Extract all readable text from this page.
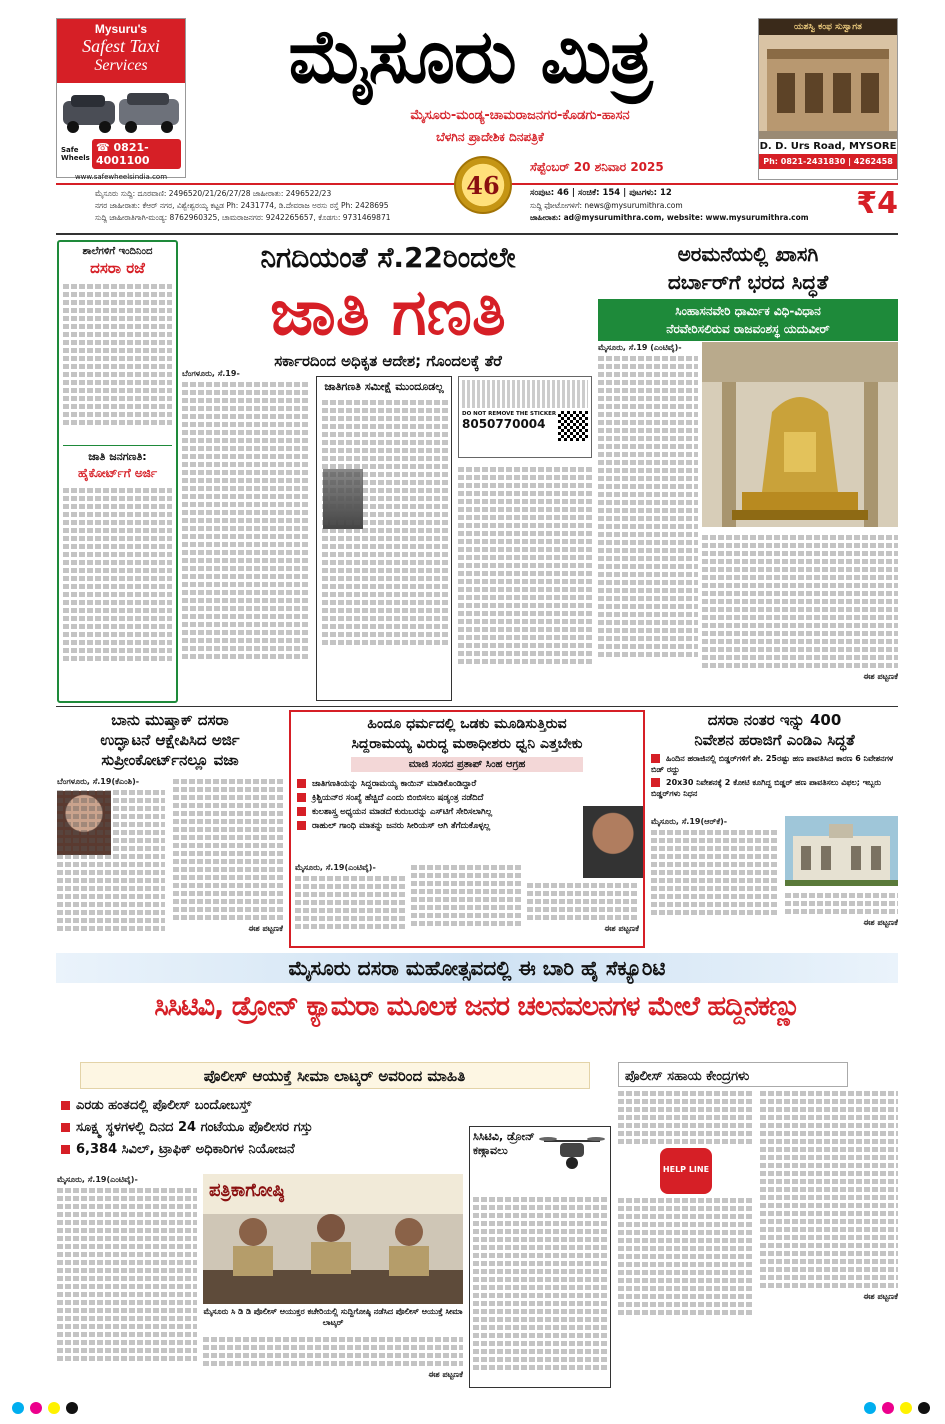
Mysuru's
Safest Taxi
Services
Safe Wheels
☎ 0821-4001100
www.safewheelsindia.com
ಮೈಸೂರು ಮಿತ್ರ
ಮೈಸೂರು-ಮಂಡ್ಯ-ಚಾಮರಾಜನಗರ-ಕೊಡಗು-ಹಾಸನ
ಬೆಳಗಿನ ಪ್ರಾದೇಶಿಕ ದಿನಪತ್ರಿಕೆ
ಯಶಸ್ವಿ ಕಂಫ ಸುಸ್ವಾಗತ
D. D. Urs Road, MYSORE
Ph: 0821-2431830 | 4262458
ಮೈಸೂರು ಸುದ್ದಿ: ದೂರವಾಣಿ: 2496520/21/26/27/28 ಜಾಹೀರಾತು: 2496522/23
ನಗರ ಜಾಹೀರಾತು: ಕೆಆರ್ ನಗರ, ವಿಶ್ವೇಶ್ವರಯ್ಯ ಕಟ್ಟಡ Ph: 2431774, ಡಿ.ದೇವರಾಜ ಅರಸು ರಸ್ತೆ Ph: 2428695
ಸುದ್ದಿ ಜಾಹೀರಾತಿಗಾಗಿ-ಮಂಡ್ಯ: 8762960325, ಚಾಮರಾಜನಗರ: 9242265657, ಕೊಡಗು: 9731469871
46
ಸೆಪ್ಟೆಂಬರ್ 20 ಶನಿವಾರ 2025
ಸಂಪುಟ: 46 | ಸಂಚಿಕೆ: 154 | ಪುಟಗಳು: 12
ಸುದ್ದಿ ಫೋಟೋಗಳಿಗೆ: news@mysurumithra.com
ಜಾಹೀರಾತು: ad@mysurumithra.com, website: www.mysurumithra.com	₹4
ಶಾಲೆಗಳಿಗೆ ಇಂದಿನಿಂದ
ದಸರಾ ರಜೆ
ಜಾತಿ ಜನಗಣತಿ:
ಹೈಕೋರ್ಟ್‌ಗೆ ಅರ್ಜಿ
ನಿಗದಿಯಂತೆ ಸೆ.22ರಿಂದಲೇ
ಜಾತಿ ಗಣತಿ
ಸರ್ಕಾರದಿಂದ ಅಧಿಕೃತ ಆದೇಶ; ಗೊಂದಲಕ್ಕೆ ತೆರೆ
ಬೆಂಗಳೂರು, ಸೆ.19-
ಜಾತಿಗಣತಿ ಸಮೀಕ್ಷೆ ಮುಂದೂಡಲ್ಲ
DO NOT REMOVE THE STICKER
8050770004
ಅರಮನೆಯಲ್ಲಿ ಖಾಸಗಿ
ದರ್ಬಾರ್‌ಗೆ ಭರದ ಸಿದ್ಧತೆ
ಸಿಂಹಾಸನವೇರಿ ಧಾರ್ಮಿಕ ವಿಧಿ-ವಿಧಾನ
ನೆರವೇರಿಸಲಿರುವ ರಾಜವಂಶಸ್ಥ ಯದುವೀರ್
ಮೈಸೂರು, ಸೆ.19 (ಎಂಟಿವೈ)-
ಈಶ ಪಟ್ಟಣಕೆ
ಬಾನು ಮುಷ್ತಾಕ್ ದಸರಾ
ಉದ್ಘಾಟನೆ ಆಕ್ಷೇಪಿಸಿದ ಅರ್ಜಿ
ಸುಪ್ರೀಂಕೋರ್ಟ್‌ನಲ್ಲೂ ವಜಾ
ಬೆಂಗಳೂರು, ಸೆ.19(ಕೆಎಂಶಿ)-
ಈಶ ಪಟ್ಟಣಕೆ
ಹಿಂದೂ ಧರ್ಮದಲ್ಲಿ ಒಡಕು ಮೂಡಿಸುತ್ತಿರುವ
ಸಿದ್ದರಾಮಯ್ಯ ವಿರುದ್ಧ ಮಠಾಧೀಶರು ಧ್ವನಿ ಎತ್ತಬೇಕು
ಮಾಜಿ ಸಂಸದ ಪ್ರತಾಪ್ ಸಿಂಹ ಆಗ್ರಹ
ಜಾತಿಗಣತಿಯನ್ನು ಸಿದ್ದರಾಮಯ್ಯ ಕಾಯಿನ್ ಮಾಡಿಕೊಂಡಿದ್ದಾರೆ
ಕ್ರಿಶ್ಚಿಯನ್‌ರ ಸಂಖ್ಯೆ ಹೆಚ್ಚಿದೆ ಎಂದು ಬಿಂಬಿಸಲು ಷಡ್ಯಂತ್ರ ನಡೆದಿದೆ
ಕುಲಶಾಸ್ತ್ರ ಅಧ್ಯಯನ ಮಾಡದೆ ಕುರುಬರನ್ನು ಎಸ್‌ಟಿಗೆ ಸೇರಿಸಲಾಗಿಲ್ಲ
ರಾಹುಲ್ ಗಾಂಧಿ ಮಾತನ್ನು ಜನರು ಸೀರಿಯಸ್ ಆಗಿ ತೆಗೆದುಕೊಳ್ಳಲ್ಲ
ಮೈಸೂರು, ಸೆ.19(ಎಂಟಿವೈ)-
ಈಶ ಪಟ್ಟಣಕೆ
ದಸರಾ ನಂತರ ಇನ್ನು 400
ನಿವೇಶನ ಹರಾಜಿಗೆ ಎಂಡಿಎ ಸಿದ್ಧತೆ
ಹಿಂದಿನ ಹರಾಜಿನಲ್ಲಿ ಬಿಡ್ಡರ್‌ಗಳಿಗೆ ಶೇ. 25ರಷ್ಟು ಹಣ ಪಾವತಿಸಿದ ಕಾರಣ 6 ನಿವೇಶನಗಳ ಬಿಡ್ ರದ್ದು
20x30 ನಿವೇಶನಕ್ಕೆ 2 ಕೋಟಿ ಕೂಗಿದ್ದ ಬಿಡ್ಡರ್ ಹಣ ಪಾವತಿಸಲು ವಿಫಲ; ಇಬ್ಬರು ಬಿಡ್ಡರ್‌ಗಳು ನಿಧನ
ಮೈಸೂರು, ಸೆ.19(ಆರ್‌ಕೆ)-
ಈಶ ಪಟ್ಟಣಕೆ
ಮೈಸೂರು ದಸರಾ ಮಹೋತ್ಸವದಲ್ಲಿ ಈ ಬಾರಿ ಹೈ ಸೆಕ್ಯೂರಿಟಿ
ಸಿಸಿಟಿವಿ, ಡ್ರೋನ್ ಕ್ಯಾಮರಾ ಮೂಲಕ ಜನರ ಚಲನವಲನಗಳ ಮೇಲೆ ಹದ್ದಿನಕಣ್ಣು
ಪೊಲೀಸ್ ಆಯುಕ್ತೆ ಸೀಮಾ ಲಾಟ್ಕರ್ ಅವರಿಂದ ಮಾಹಿತಿ
ಎರಡು ಹಂತದಲ್ಲಿ ಪೊಲೀಸ್ ಬಂದೋಬಸ್ತ್
ಸೂಕ್ಷ್ಮ ಸ್ಥಳಗಳಲ್ಲಿ ದಿನದ 24 ಗಂಟೆಯೂ ಪೊಲೀಸರ ಗಸ್ತು
6,384 ಸಿವಿಲ್, ಟ್ರಾಫಿಕ್ ಅಧಿಕಾರಿಗಳ ನಿಯೋಜನೆ
ಮೈಸೂರು, ಸೆ.19(ಎಂಟಿವೈ)-
ಪತ್ರಿಕಾಗೋಷ್ಠಿ
ಮೈಸೂರು ಸಿ ಡಿ ಡಿ ಪೊಲೀಸ್ ಆಯುಕ್ತರ ಕಚೇರಿಯಲ್ಲಿ ಸುದ್ದಿಗೋಷ್ಠಿ ನಡೆಸಿದ ಪೊಲೀಸ್ ಆಯುಕ್ತೆ ಸೀಮಾ ಲಾಟ್ಕರ್
ಈಶ ಪಟ್ಟಣಕೆ
ಸಿಸಿಟಿವಿ, ಡ್ರೋನ್ ಕಣ್ಗಾವಲು
ಪೊಲೀಸ್ ಸಹಾಯ ಕೇಂದ್ರಗಳು
HELP LINE
ಈಶ ಪಟ್ಟಣಕೆ
